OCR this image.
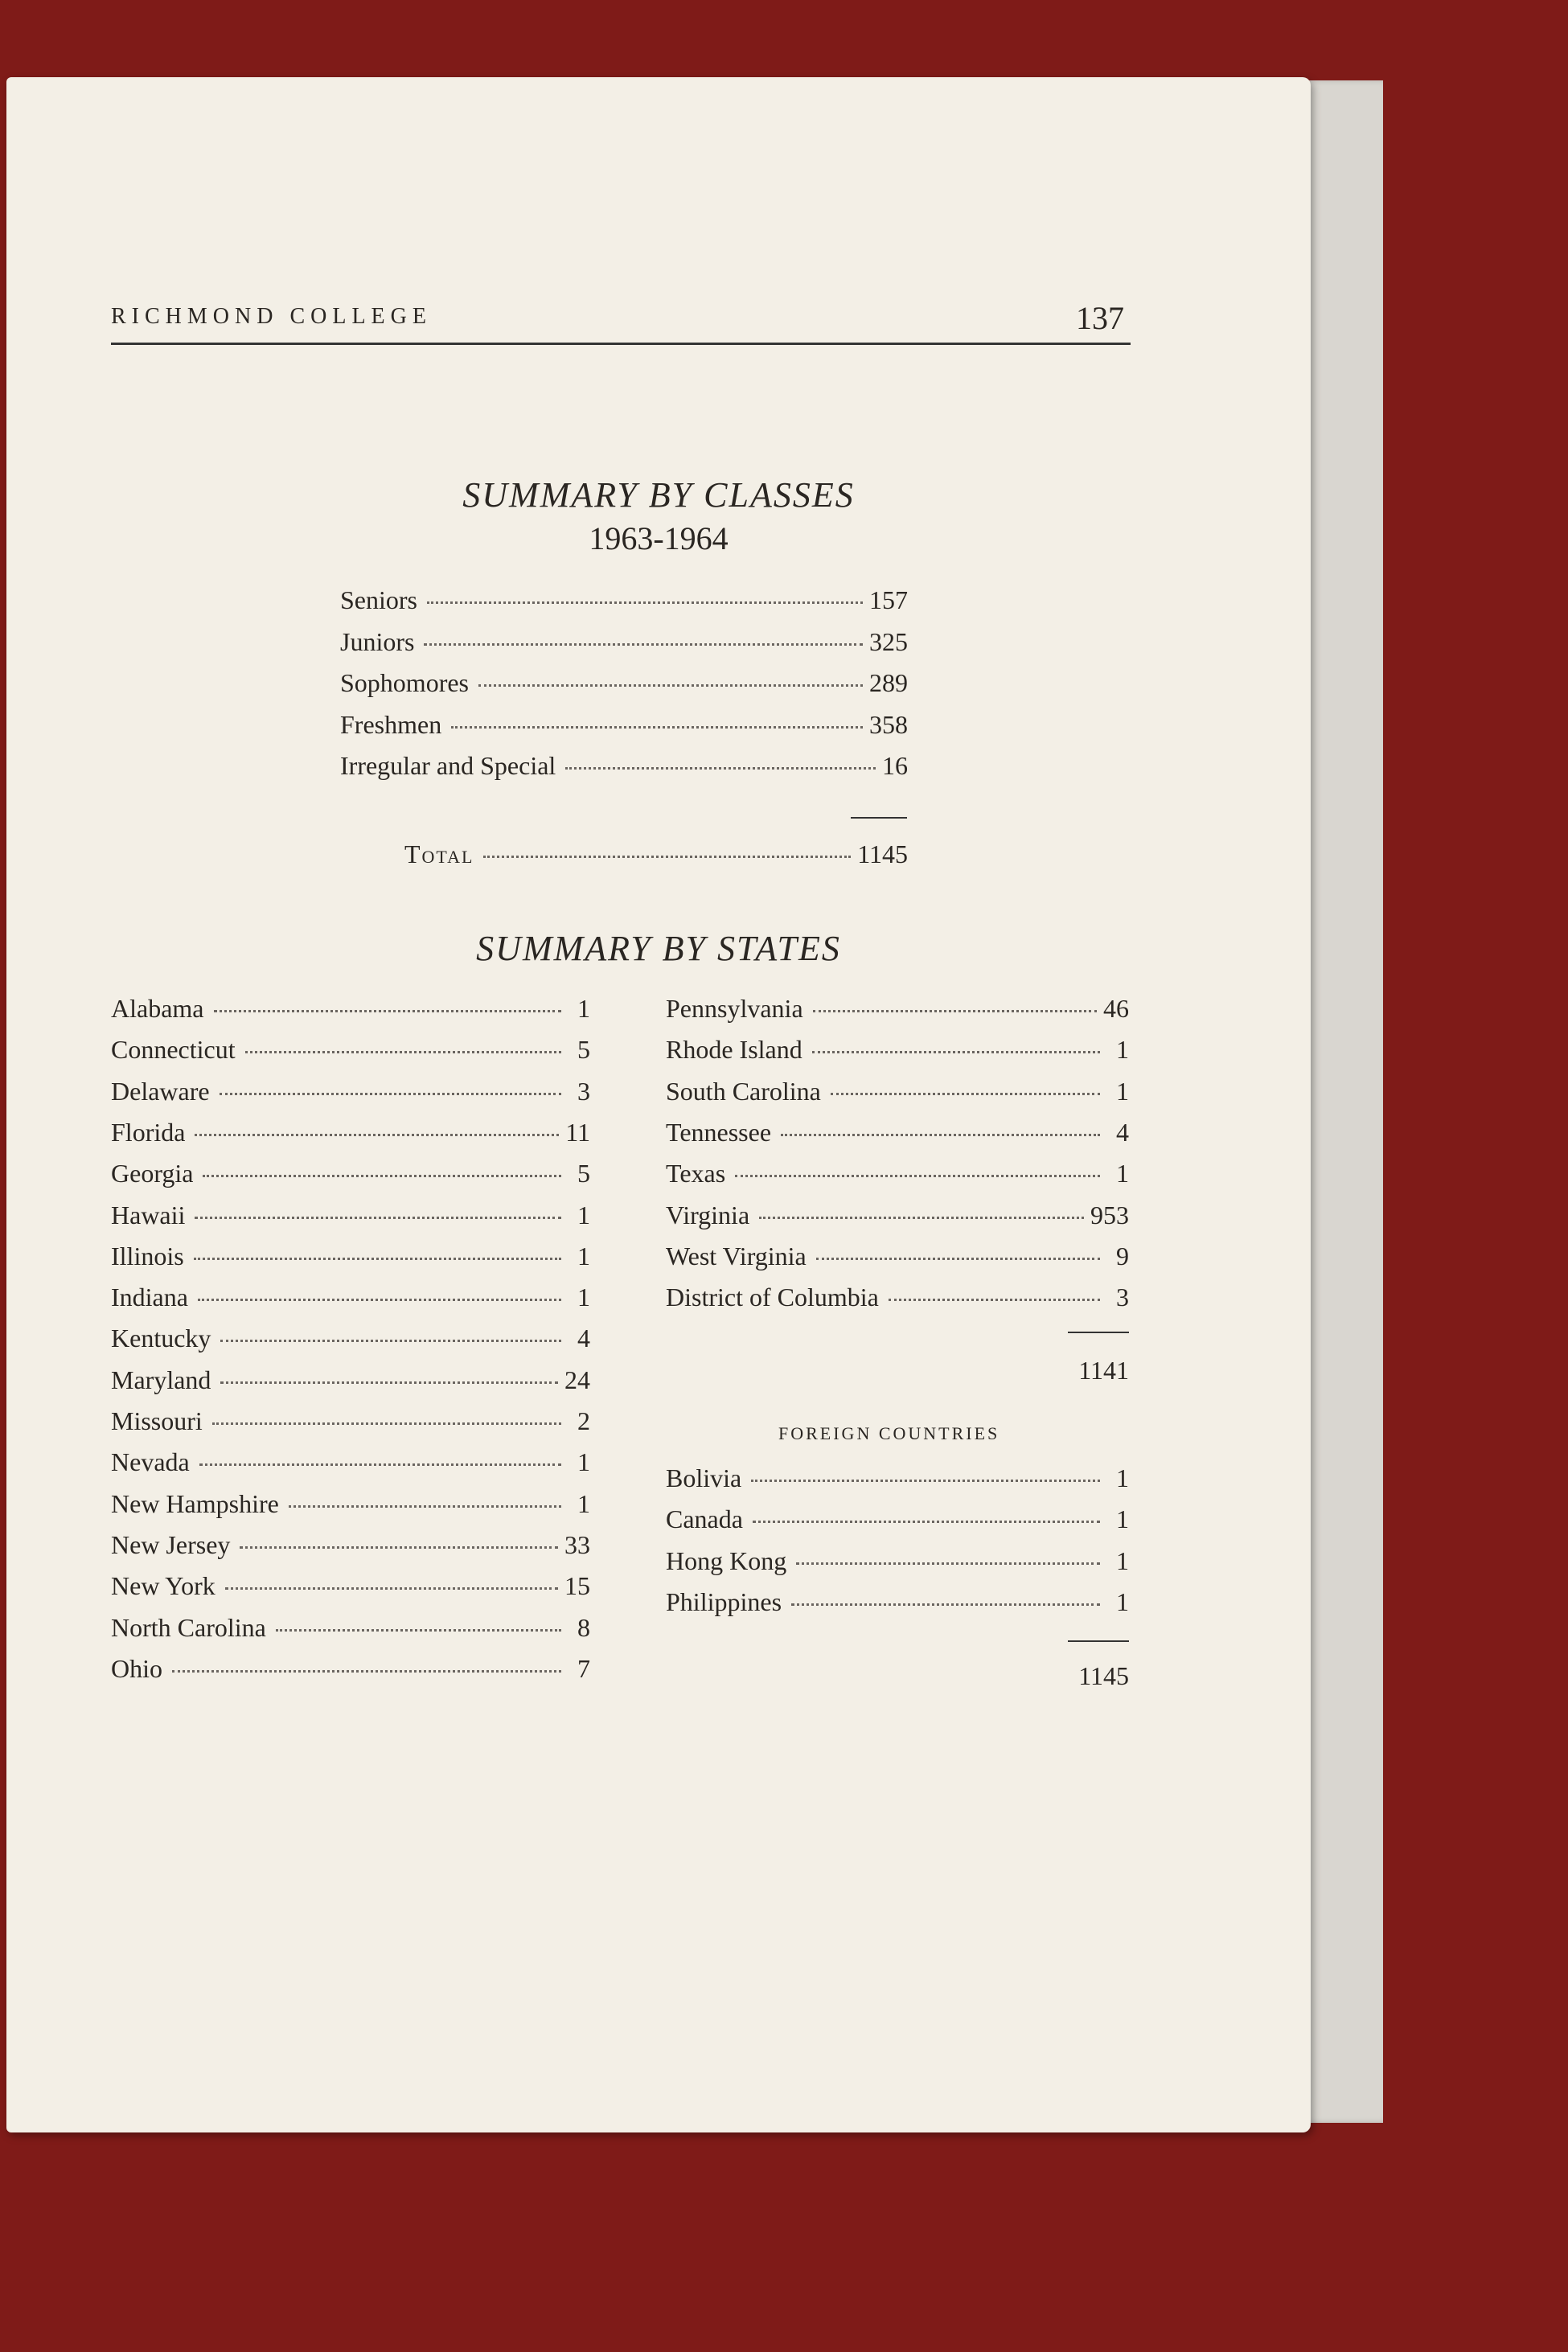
RICHMOND COLLEGE	137
SUMMARY BY CLASSES
1963-1964
Seniors	157
Juniors	325
Sophomores	289
Freshmen	358
Irregular and Special	16
Total	1145
SUMMARY BY STATES
Alabama	1
Connecticut	5
Delaware	3
Florida	11
Georgia	5
Hawaii	1
Illinois	1
Indiana	1
Kentucky	4
Maryland	24
Missouri	2
Nevada	1
New Hampshire	1
New Jersey	33
New York	15
North Carolina	8
Ohio	7
Pennsylvania	46
Rhode Island	1
South Carolina	1
Tennessee	4
Texas	1
Virginia	953
West Virginia	9
District of Columbia	3
1141
FOREIGN COUNTRIES
Bolivia	1
Canada	1
Hong Kong	1
Philippines	1
1145
